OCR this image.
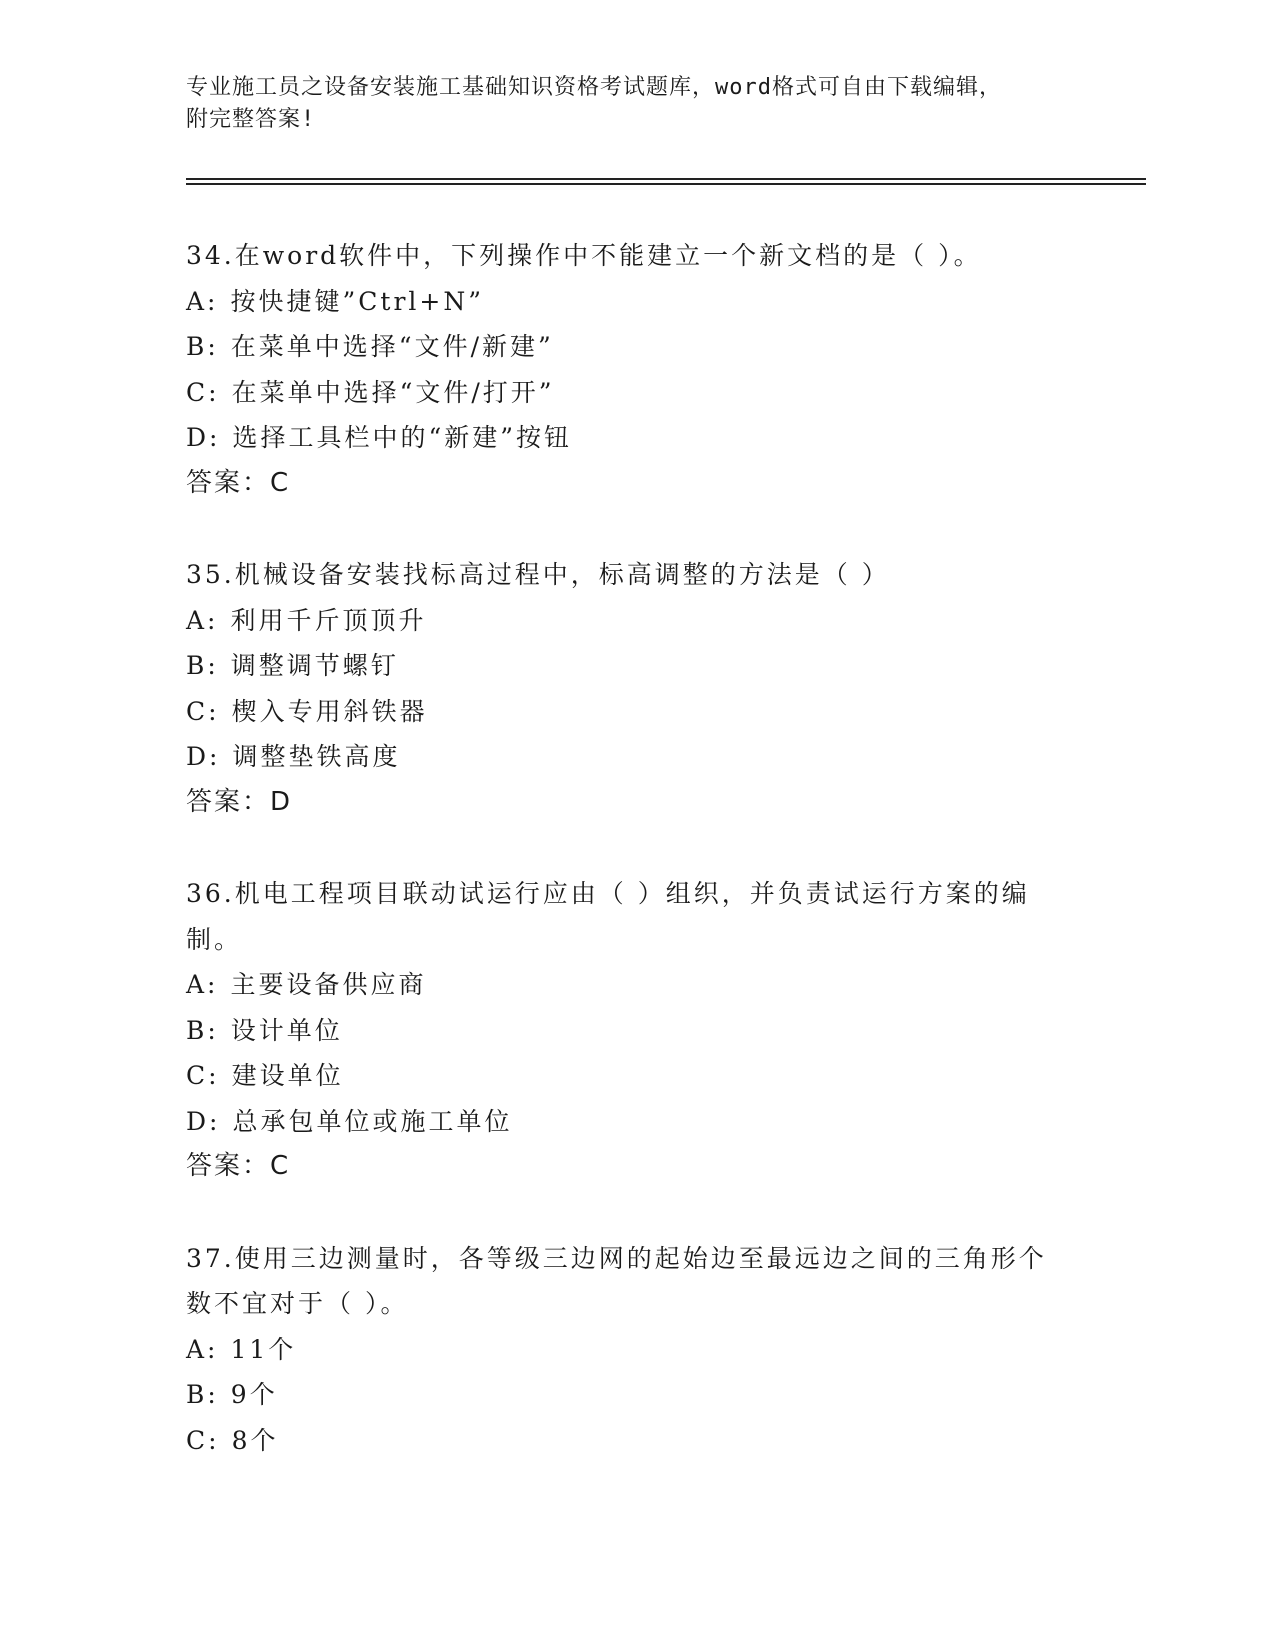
专业施工员之设备安装施工基础知识资格考试题库，word格式可自由下载编辑，
附完整答案!
34.在word软件中，下列操作中不能建立一个新文档的是（ ）。
A: 按快捷键”Ctrl+N”
B: 在菜单中选择“文件/新建”
C: 在菜单中选择“文件/打开”
D: 选择工具栏中的“新建”按钮
答案：C
35.机械设备安装找标高过程中，标高调整的方法是（ ）
A: 利用千斤顶顶升
B: 调整调节螺钉
C: 楔入专用斜铁器
D: 调整垫铁高度
答案：D
36.机电工程项目联动试运行应由（ ）组织，并负责试运行方案的编制。
A: 主要设备供应商
B: 设计单位
C: 建设单位
D: 总承包单位或施工单位
答案：C
37.使用三边测量时，各等级三边网的起始边至最远边之间的三角形个数不宜对于（ ）。
A: 11个
B: 9个
C: 8个
